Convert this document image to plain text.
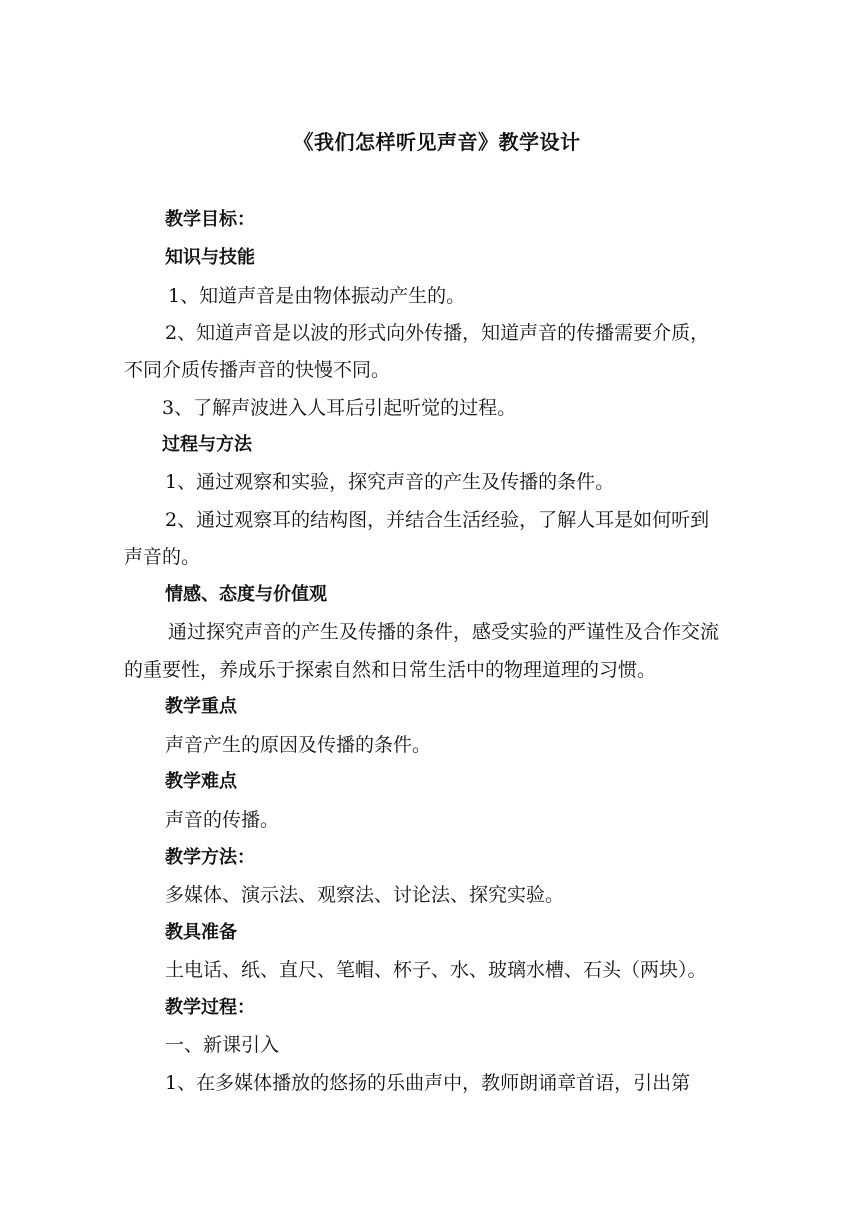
《我们怎样听见声音》教学设计
教学目标：
知识与技能
1、知道声音是由物体振动产生的。
2、知道声音是以波的形式向外传播，知道声音的传播需要介质，
不同介质传播声音的快慢不同。
3、了解声波进入人耳后引起听觉的过程。
过程与方法
1、通过观察和实验，探究声音的产生及传播的条件。
2、通过观察耳的结构图，并结合生活经验，了解人耳是如何听到
声音的。
情感、态度与价值观
通过探究声音的产生及传播的条件，感受实验的严谨性及合作交流
的重要性，养成乐于探索自然和日常生活中的物理道理的习惯。
教学重点
声音产生的原因及传播的条件。
教学难点
声音的传播。
教学方法：
多媒体、演示法、观察法、讨论法、探究实验。
教具准备
土电话、纸、直尺、笔帽、杯子、水、玻璃水槽、石头（两块）。
教学过程：
一、新课引入
1、在多媒体播放的悠扬的乐曲声中，教师朗诵章首语，引出第
